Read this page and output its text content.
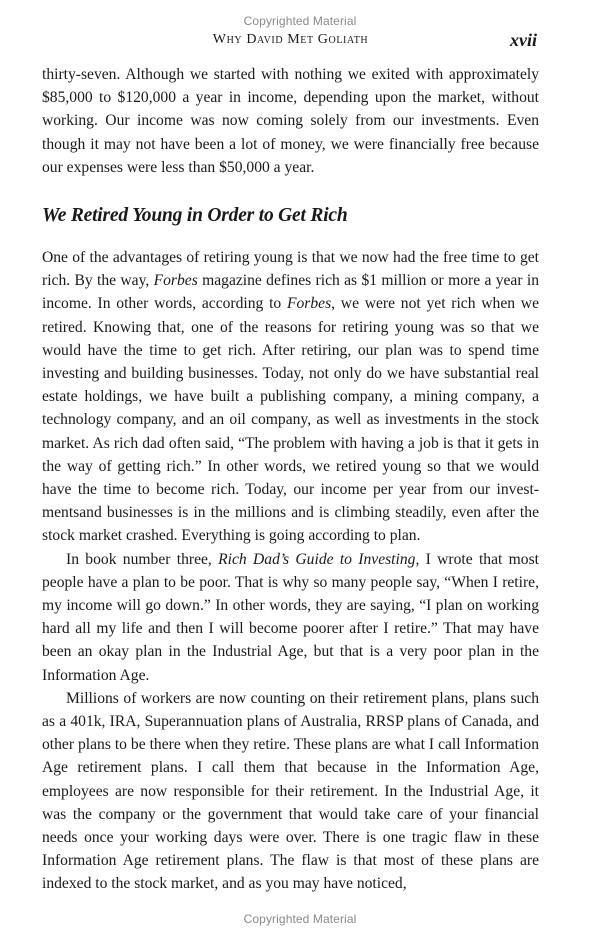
Copyrighted Material
Why David Met Goliath	xvii

thirty-seven. Although we started with nothing we exited with approximately $85,000 to $120,000 a year in income, depending upon the market, without working. Our income was now coming solely from our investments. Even though it may not have been a lot of money, we were financially free because our expenses were less than $50,000 a year.

We Retired Young in Order to Get Rich

One of the advantages of retiring young is that we now had the free time to get rich. By the way, Forbes magazine defines rich as $1 million or more a year in income. In other words, according to Forbes, we were not yet rich when we retired. Knowing that, one of the reasons for retiring young was so that we would have the time to get rich. After retiring, our plan was to spend time investing and building businesses. Today, not only do we have substantial real estate holdings, we have built a publishing company, a mining company, a technology company, and an oil company, as well as investments in the stock market. As rich dad often said, “The problem with having a job is that it gets in the way of getting rich.” In other words, we retired young so that we would have the time to become rich. Today, our income per year from our investmentsand businesses is in the millions and is climbing steadily, even after the stock market crashed. Everything is going according to plan.

In book number three, Rich Dad’s Guide to Investing, I wrote that most people have a plan to be poor. That is why so many people say, “When I retire, my income will go down.” In other words, they are saying, “I plan on working hard all my life and then I will become poorer after I retire.” That may have been an okay plan in the Industrial Age, but that is a very poor plan in the Information Age.

Millions of workers are now counting on their retirement plans, plans such as a 401k, IRA, Superannuation plans of Australia, RRSP plans of Canada, and other plans to be there when they retire. These plans are what I call Information Age retirement plans. I call them that because in the Information Age, employees are now responsible for their retirement. In the Industrial Age, it was the company or the government that would take care of your financial needs once your working days were over. There is one tragic flaw in these Information Age retirement plans. The flaw is that most of these plans are indexed to the stock market, and as you may have noticed,

Copyrighted Material
